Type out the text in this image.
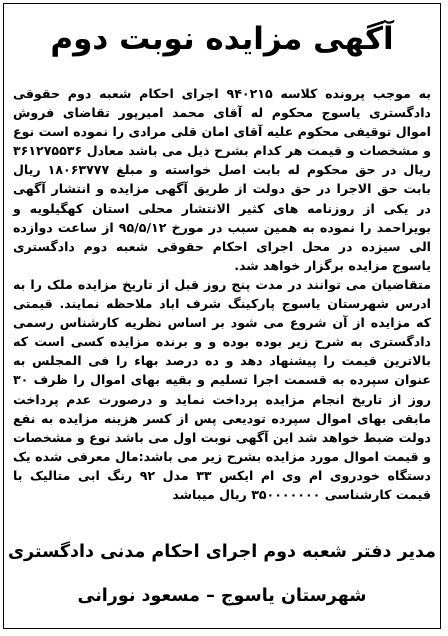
آگهی مزایده نوبت دوم

به موجب پرونده کلاسه ۹۴۰۲۱۵ اجرای احکام شعبه دوم حقوقی دادگستری یاسوج محکوم له آقای محمد امیرپور تقاضای فروش اموال توقیفی محکوم علیه آقای امان قلی مرادی را نموده است نوع و مشخصات و قیمت هر کدام بشرح ذیل می باشد معادل ۳۶۱۲۷۵۵۳۶ ریال در حق محکوم له بابت اصل خواسته و مبلغ ۱۸۰۶۳۷۷۷ ریال بابت حق الاجرا در حق دولت از طریق آگهی مزایده و انتشار آگهی در یکی از روزنامه های کثیر الانتشار محلی استان کهگیلویه و بویراحمد را نموده به همین سبب در مورخ ۹۵/۵/۱۲ از ساعت دوازده الی سیزده در محل اجرای احکام حقوقی شعبه دوم دادگستری یاسوج مزایده برگزار خواهد شد.

متقاضیان می توانند در مدت پنج روز قبل از تاریخ مزایده ملک را به ادرس شهرستان یاسوج پارکینگ شرف اباد ملاحظه نمایند. قیمتی که مزایده از آن شروع می شود بر اساس نظریه کارشناس رسمی دادگستری به شرح زیر بوده بوده و و برنده مزایده کسی است که بالاترین قیمت را پیشنهاد دهد و ده درصد بهاء را فی المجلس به عنوان سپرده به قسمت اجرا تسلیم و بقیه بهای اموال را ظرف ۳۰ روز از تاریخ انجام مزایده پرداخت نماید و درصورت عدم پرداخت مابقی بهای اموال سپرده تودیعی پس از کسر هزینه مزایده به نفع دولت ضبط خواهد شد این آگهی نوبت اول می باشد نوع و مشخصات و قیمت اموال مورد مزایده بشرح زیر می باشد:مال معرفی شده یک دستگاه خودروی ام وی ام ایکس ۳۳ مدل ۹۲ رنگ ابی متالیک با قیمت کارشناسی ۳۵۰۰۰۰۰۰۰ ریال میباشد

مدیر دفتر شعبه دوم اجرای احکام مدنی دادگستری
شهرستان یاسوج – مسعود نورانی
